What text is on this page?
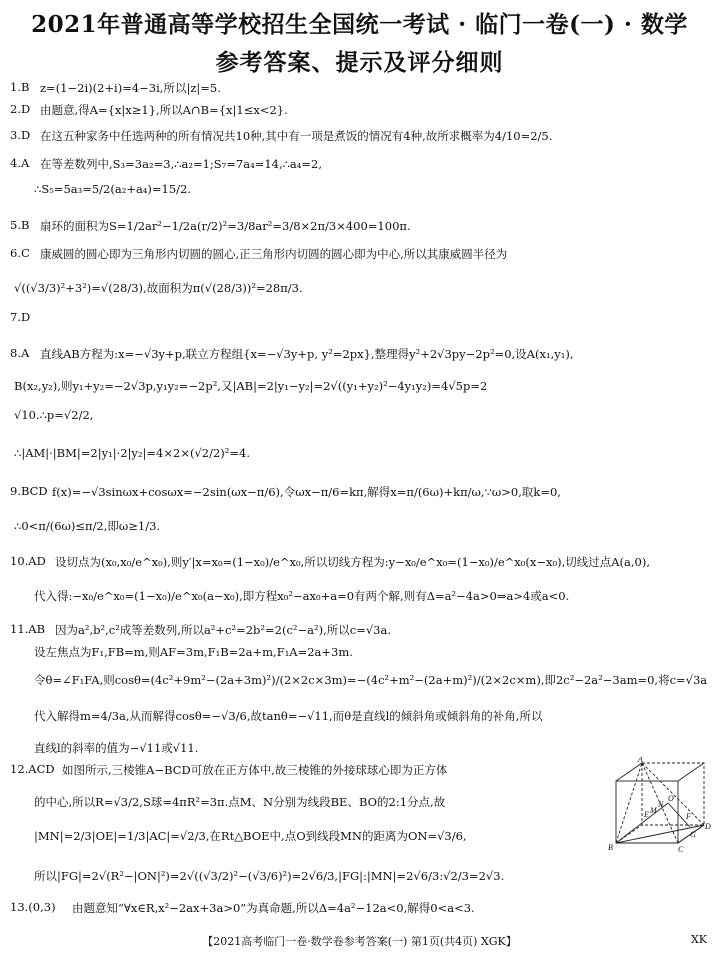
2021年普通高等学校招生全国统一考试 · 临门一卷(一) · 数学
参考答案、提示及评分细则
1.B z=(1−2i)(2+i)=4−3i,所以|z|=5.
2.D 由题意,得A={x|x≥1},所以A∩B={x|1≤x<2}.
3.D 在这五种家务中任选两种的所有情况共10种,其中有一项是煮饭的情况有4种,故所求概率为4/10=2/5.
4.A 在等差数列中,S₃=3a₂=3,∴a₂=1;S₇=7a₄=14,∴a₄=2,
∴S₅=5a₃=5/2(a₂+a₄)=15/2.
5.B 扇环的面积为S=1/2ar²−1/2a(r/2)²=3/8ar²=3/8×2π/3×400=100π.
6.C 康威圆的圆心即为三角形内切圆的圆心,正三角形内切圆的圆心即为中心,所以其康威圆半径为
√((√3/3)²+3²)=√(28/3),故面积为π(√(28/3))²=28π/3.
7.D
8.A 直线AB方程为:x=−√3y+p,联立方程组{x=−√3y+p, y²=2px},整理得y²+2√3py−2p²=0,设A(x₁,y₁),
B(x₂,y₂),则y₁+y₂=−2√3p,y₁y₂=−2p²,又|AB|=2|y₁−y₂|=2√((y₁+y₂)²−4y₁y₂)=4√5p=2
√10.∴p=√2/2,
∴|AM|·|BM|=2|y₁|·2|y₂|=4×2×(√2/2)²=4.
9.BCD f(x)=−√3sinωx+cosωx=−2sin(ωx−π/6),令ωx−π/6=kπ,解得x=π/(6ω)+kπ/ω,∵ω>0,取k=0,
∴0<π/(6ω)≤π/2,即ω≥1/3.
10.AD 设切点为(x₀,x₀/e^x₀),则y′|x=x₀=(1−x₀)/e^x₀,所以切线方程为:y−x₀/e^x₀=(1−x₀)/e^x₀(x−x₀),切线过点A(a,0),
代入得:−x₀/e^x₀=(1−x₀)/e^x₀(a−x₀),即方程x₀²−ax₀+a=0有两个解,则有Δ=a²−4a>0⇒a>4或a<0.
11.AB 因为a²,b²,c²成等差数列,所以a²+c²=2b²=2(c²−a²),所以c=√3a.
设左焦点为F₁,FB=m,则AF=3m,F₁B=2a+m,F₁A=2a+3m.
令θ=∠F₁FA,则cosθ=(4c²+9m²−(2a+3m)²)/(2×2c×3m)=−(4c²+m²−(2a+m)²)/(2×2c×m),即2c²−2a²−3am=0,将c=√3a
代入解得m=4/3a,从而解得cosθ=−√3/6,故tanθ=−√11,而θ是直线l的倾斜角或倾斜角的补角,所以
直线l的斜率的值为−√11或√11.
12.ACD 如图所示,三棱锥A−BCD可放在正方体中,故三棱锥的外接球球心即为正方体
的中心,所以R=√3/2,S球=4πR²=3π.点M、N分别为线段BE、BO的2:1分点,故
|MN|=2/3|OE|=1/3|AC|=√2/3,在Rt△BOE中,点O到线段MN的距离为ON=√3/6,
所以|FG|=2√(R²−|ON|²)=2√((√3/2)²−(√3/6)²)=2√6/3,|FG|:|MN|=2√6/3:√2/3=2√3.
13.(0,3) 由题意知“∀x∈R,x²−2ax+3a>0”为真命题,所以Δ=4a²−12a<0,解得0<a<3.
A
B	C
D
E	F
G
M
N
O
【2021高考临门一卷·数学卷参考答案(一) 第1页(共4页) XGK】	XK
